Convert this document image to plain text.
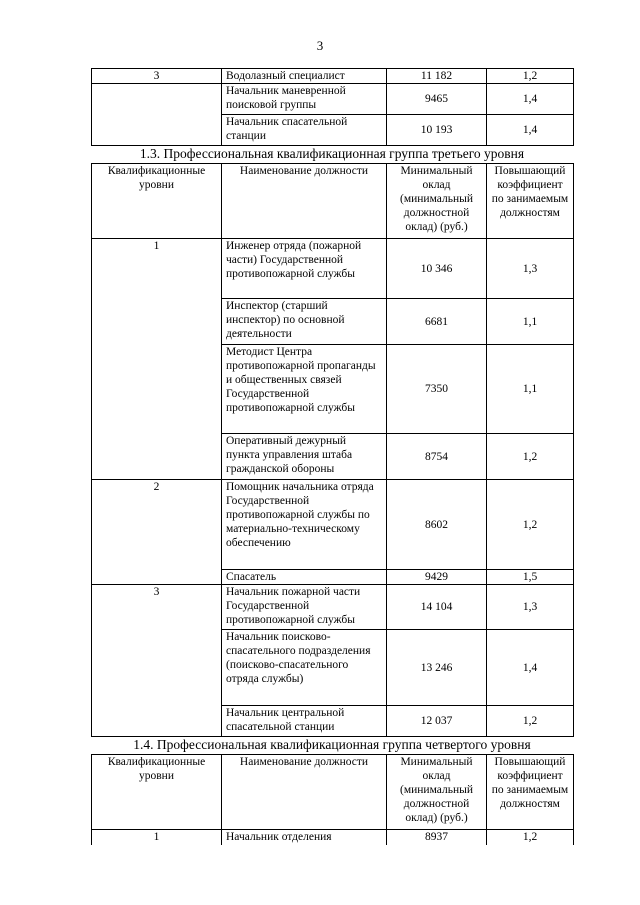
3
3	Водолазный специалист	11 182	1,2
	Начальник маневренной поисковой группы	9465	1,4
	Начальник спасательной станции	10 193	1,4
1.3. Профессиональная квалификационная группа третьего уровня
Квалификационные уровни	Наименование должности	Минимальный оклад (минимальный должностной оклад) (руб.)	Повышающий коэффициент по занимаемым должностям
1	Инженер отряда (пожарной части) Государственной противопожарной службы	10 346	1,3
	Инспектор (старший инспектор) по основной деятельности	6681	1,1
	Методист Центра противопожарной пропаганды и общественных связей Государственной противопожарной службы	7350	1,1
	Оперативный дежурный пункта управления штаба гражданской обороны	8754	1,2
2	Помощник начальника отряда Государственной противопожарной службы по материально-техническому обеспечению	8602	1,2
	Спасатель	9429	1,5
3	Начальник пожарной части Государственной противопожарной службы	14 104	1,3
	Начальник поисково-спасательного подразделения (поисково-спасательного отряда службы)	13 246	1,4
	Начальник центральной спасательной станции	12 037	1,2
1.4. Профессиональная квалификационная группа четвертого уровня
Квалификационные уровни	Наименование должности	Минимальный оклад (минимальный должностной оклад) (руб.)	Повышающий коэффициент по занимаемым должностям
1	Начальник отделения	8937	1,2
